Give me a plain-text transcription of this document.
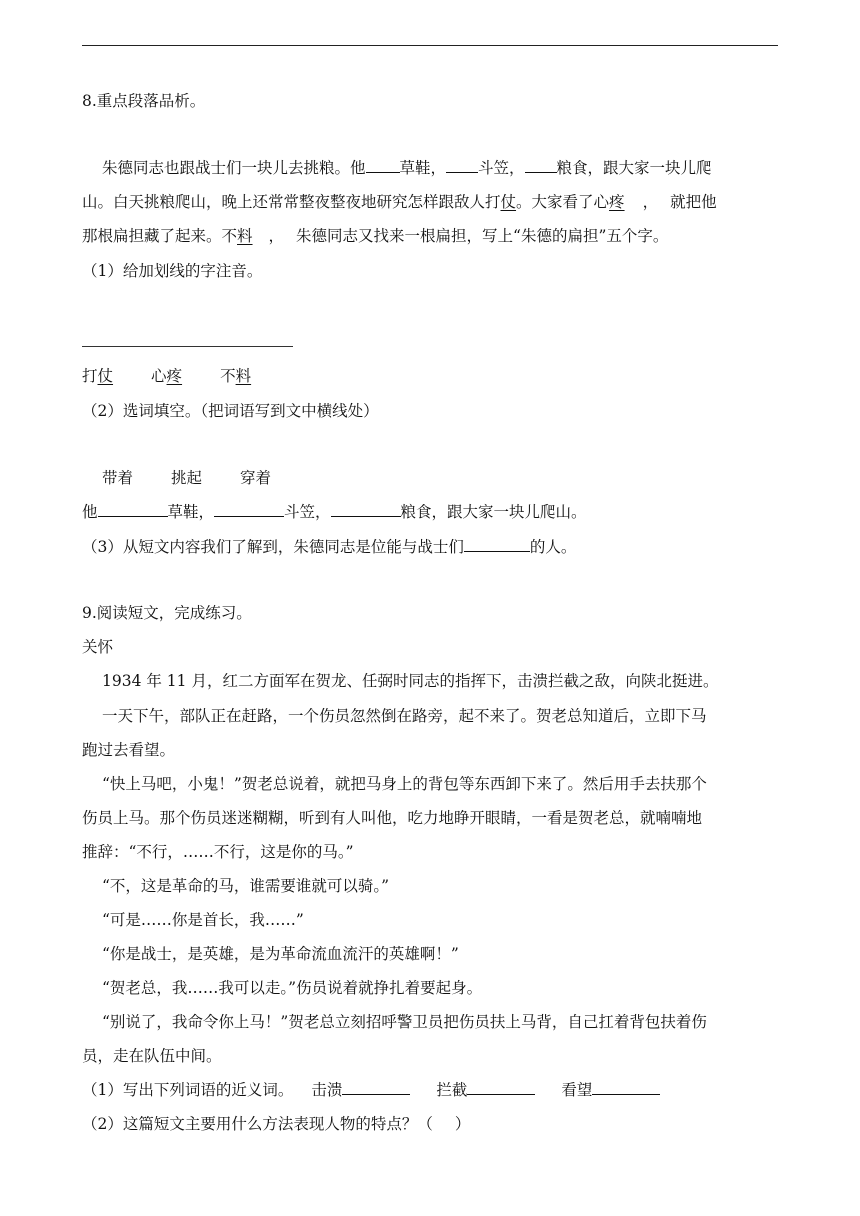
8.重点段落品析。
朱德同志也跟战士们一块儿去挑粮。他 草鞋， 斗笠， 粮食，跟大家一块儿爬
山。白天挑粮爬山，晚上还常常整夜整夜地研究怎样跟敌人打仗。大家看了心疼 ， 就把他
那根扁担藏了起来。不料 ， 朱德同志又找来一根扁担，写上“朱德的扁担”五个字。
（1）给加划线的字注音。
打仗 心疼 不料
（2）选词填空。（把词语写到文中横线处）
带着 挑起 穿着
他	草鞋，	斗笠，	粮食，跟大家一块儿爬山。
（3）从短文内容我们了解到，朱德同志是位能与战士们	的人。
9.阅读短文，完成练习。
关怀
1934 年 11 月，红二方面军在贺龙、任弼时同志的指挥下，击溃拦截之敌，向陕北挺进。
一天下午，部队正在赶路，一个伤员忽然倒在路旁，起不来了。贺老总知道后，立即下马
跑过去看望。
“快上马吧，小鬼！”贺老总说着，就把马身上的背包等东西卸下来了。然后用手去扶那个
伤员上马。那个伤员迷迷糊糊，听到有人叫他，吃力地睁开眼睛，一看是贺老总，就喃喃地
推辞：“不行，……不行，这是你的马。”
“不，这是革命的马，谁需要谁就可以骑。”
“可是……你是首长，我……”
“你是战士，是英雄，是为革命流血流汗的英雄啊！”
“贺老总，我……我可以走。”伤员说着就挣扎着要起身。
“别说了，我命令你上马！”贺老总立刻招呼警卫员把伤员扶上马背，自己扛着背包扶着伤
员，走在队伍中间。
（1）写出下列词语的近义词。 击溃	拦截	看望
（2）这篇短文主要用什么方法表现人物的特点？（ ）
